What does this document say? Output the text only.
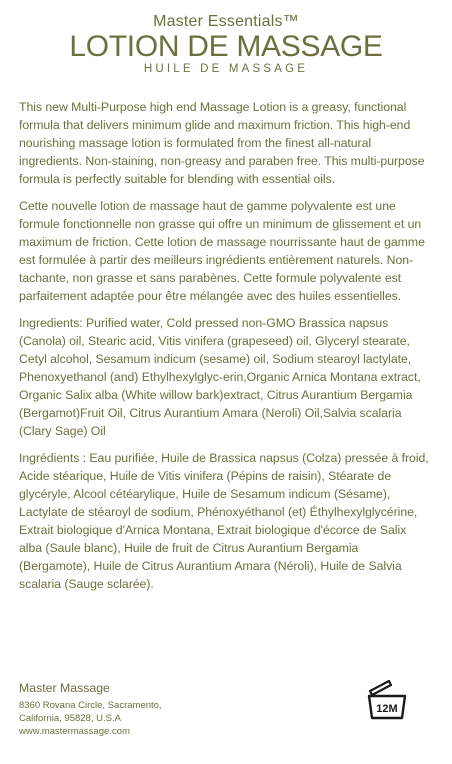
Master Essentials™
LOTION DE MASSAGE
HUILE DE MASSAGE

This new Multi-Purpose high end Massage Lotion is a greasy, functional formula that delivers minimum glide and maximum friction. This high-end nourishing massage lotion is formulated from the finest all-natural ingredients. Non-staining, non-greasy and paraben free. This multi-purpose formula is perfectly suitable for blending with essential oils.

Cette nouvelle lotion de massage haut de gamme polyvalente est une formule fonctionnelle non grasse qui offre un minimum de glissement et un maximum de friction. Cette lotion de massage nourrissante haut de gamme est formulée à partir des meilleurs ingrédients entièrement naturels. Non-tachante, non grasse et sans parabènes. Cette formule polyvalente est parfaitement adaptée pour être mélangée avec des huiles essentielles.

Ingredients: Purified water, Cold pressed non-GMO Brassica napsus (Canola) oil, Stearic acid, Vitis vinifera (grapeseed) oil, Glyceryl stearate, Cetyl alcohol, Sesamum indicum (sesame) oil, Sodium stearoyl lactylate, Phenoxyethanol (and) Ethylhexylglyc-erin,Organic Arnica Montana extract, Organic Salix alba (White willow bark)extract, Citrus Aurantium Bergamia (Bergamot)Fruit Oil, Citrus Aurantium Amara (Neroli) Oil,Salvia scalaria (Clary Sage) Oil

Ingrédients : Eau purifiée, Huile de Brassica napsus (Colza) pressée à froid, Acide stéarique, Huile de Vitis vinifera (Pépins de raisin), Stéarate de glycéryle, Alcool cétéarylique, Huile de Sesamum indicum (Sésame), Lactylate de stéaroyl de sodium, Phénoxyéthanol (et) Éthylhexylglycérine, Extrait biologique d'Arnica Montana, Extrait biologique d'écorce de Salix alba (Saule blanc), Huile de fruit de Citrus Aurantium Bergamia (Bergamote), Huile de Citrus Aurantium Amara (Néroli), Huile de Salvia scalaria (Sauge sclarée).

Master Massage
8360 Rovana Circle, Sacramento,
California, 95828, U.S.A
www.mastermassage.com
12M
